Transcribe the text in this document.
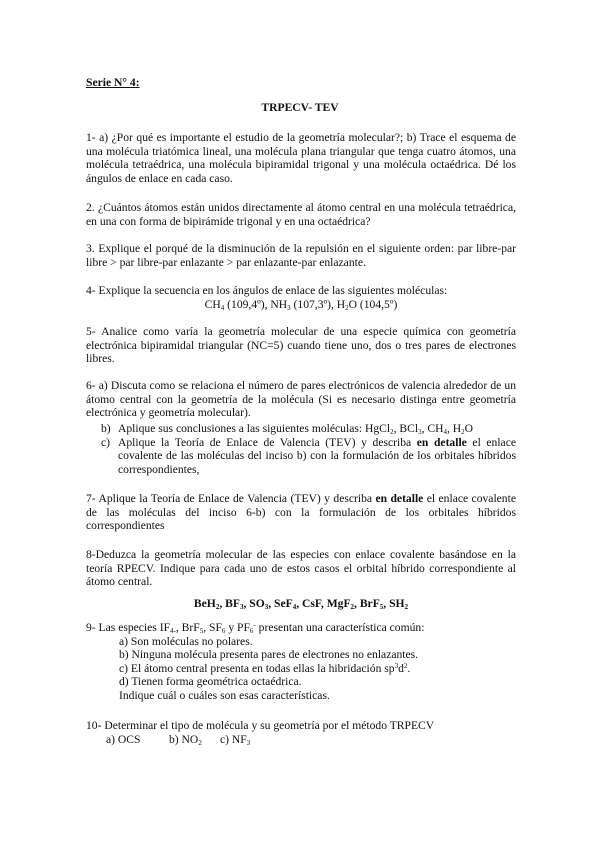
Serie N° 4:
TRPECV- TEV
1- a) ¿Por qué es importante el estudio de la geometría molecular?; b) Trace el esquema de una molécula triatómica lineal, una molécula plana triangular que tenga cuatro átomos, una molécula tetraédrica, una molécula bipiramidal trigonal y una molécula octaédrica. Dé los ángulos de enlace en cada caso.
2. ¿Cuántos átomos están unidos directamente al átomo central en una molécula tetraédrica, en una con forma de bipirámide trigonal y en una octaédrica?
3. Explique el porqué de la disminución de la repulsión en el siguiente orden: par libre-par libre > par libre-par enlazante > par enlazante-par enlazante.
4- Explique la secuencia en los ángulos de enlace de las siguientes moléculas:
$CH_4$ (109,4º), $NH_3$ (107,3º), $H_2O$ (104,5º)
5- Analice como varía la geometría molecular de una especie química con geometría electrónica bipiramidal triangular (NC=5) cuando tiene uno, dos o tres pares de electrones libres.
6- a) Discuta como se relaciona el número de pares electrónicos de valencia alrededor de un átomo central con la geometría de la molécula (Si es necesario distinga entre geometría electrónica y geometría molecular).
b) Aplique sus conclusiones a las siguientes moléculas: HgCl$_2$, BCl$_3$, $CH_4$, $H_2O$
c) Aplique la Teoría de Enlace de Valencia (TEV) y describa en detalle el enlace covalente de las moléculas del inciso b) con la formulación de los orbitales híbridos correspondientes,
7- Aplique la Teoría de Enlace de Valencia (TEV) y describa en detalle el enlace covalente de las moléculas del inciso 6-b) con la formulación de los orbitales híbridos correspondientes
8-Deduzca la geometría molecular de las especies con enlace covalente basándose en la teoría RPECV. Indique para cada uno de estos casos el orbital híbrido correspondiente al átomo central.
BeH$_2$, $BF_3$, $SO_3$, SeF$_4$, CsF, MgF$_2$, BrF$_5$, $SH_2$
9- Las especies $IF_{4-}$, BrF$_5$, $SF_6$ y $PF_6^-$ presentan una característica común:
a) Son moléculas no polares.
b) Ninguna molécula presenta pares de electrones no enlazantes.
c) El átomo central presenta en todas ellas la hibridación $sp^3d^2$.
d) Tienen forma geométrica octaédrica.
Indique cuál o cuáles son esas características.
10- Determinar el tipo de molécula y su geometría por el método TRPECV
a) OCS b) $NO_2$ c) $NF_3$
